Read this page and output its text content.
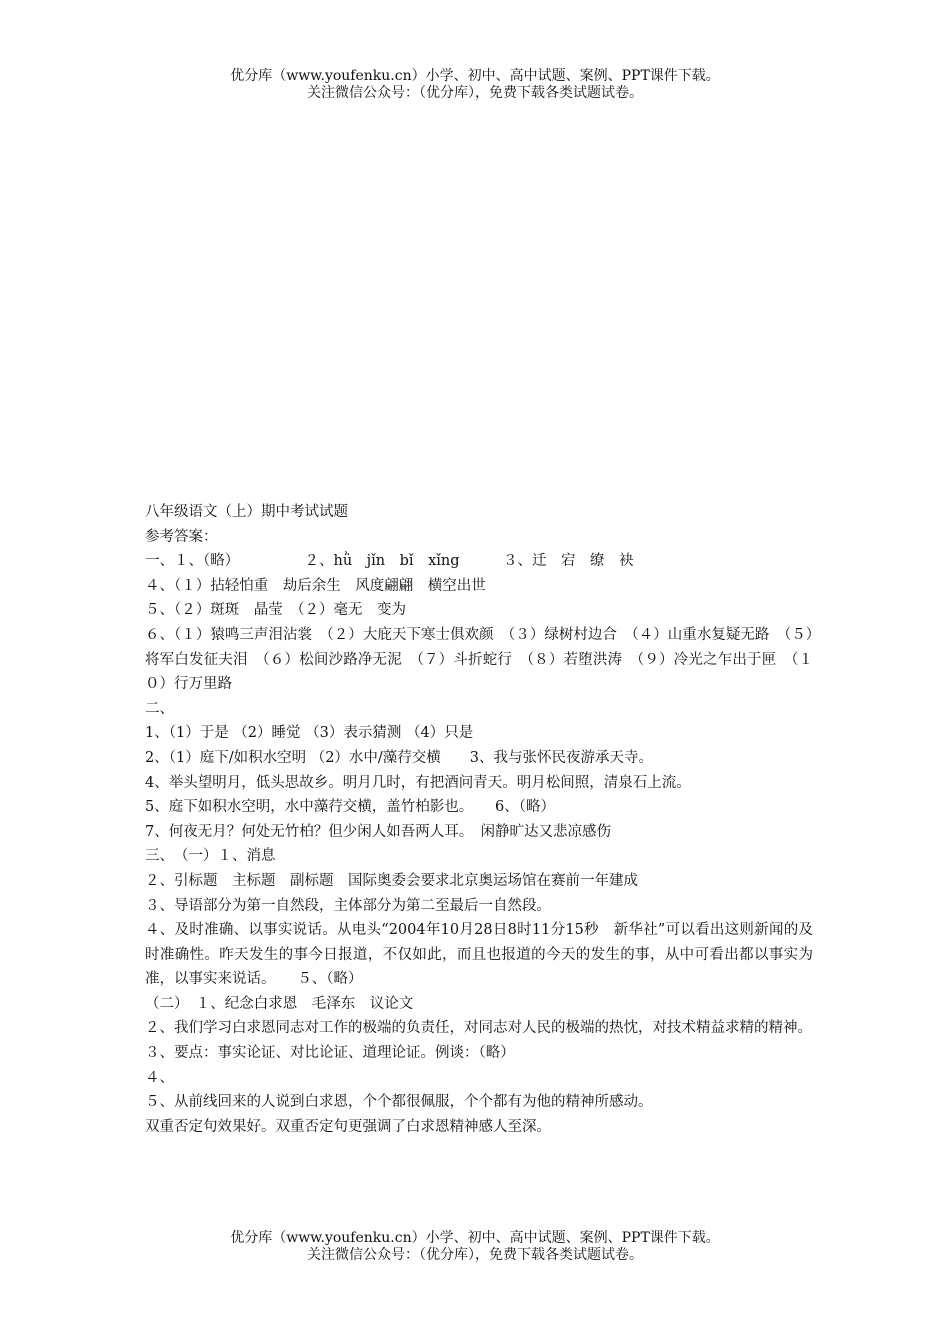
优分库（www.youfenku.cn）小学、初中、高中试题、案例、PPT课件下载。
关注微信公众号：（优分库），免费下载各类试题试卷。
八年级语文（上）期中考试试题
参考答案：
一、１、（略）　　　　　２、hǜ　jǐn　bǐ　xǐng　　　３、迁　宕　缭　袂
４、（１）拈轻怕重　劫后余生　风度翩翩　横空出世
５、（２）斑斑　晶莹　（２）毫无　变为
６、（１）猿鸣三声泪沾裳　（２）大庇天下寒士俱欢颜　（３）绿树村边合　（４）山重水复疑无路　（５）将军白发征夫泪　（６）松间沙路净无泥　（７）斗折蛇行　（８）若堕洪涛　（９）冷光之乍出于匣　（１０）行万里路
二、
1、（1）于是 （2）睡觉 （3）表示猜测 （4）只是
2、（1）庭下/如积水空明 （2）水中/藻荇交横　　3、我与张怀民夜游承天寺。
4、举头望明月，低头思故乡。明月几时，有把酒问青天。明月松间照，清泉石上流。
5、庭下如积水空明，水中藻荇交横，盖竹柏影也。　　6、（略）
7、何夜无月？何处无竹柏？但少闲人如吾两人耳。　闲静旷达又悲凉感伤
三、　（一）１、消息
２、引标题　主标题　副标题　国际奥委会要求北京奥运场馆在赛前一年建成
３、导语部分为第一自然段，主体部分为第二至最后一自然段。
４、及时准确、以事实说话。从电头“2004年10月28日8时11分15秒　新华社”可以看出这则新闻的及时准确性。昨天发生的事今日报道，不仅如此，而且也报道的今天的发生的事，从中可看出都以事实为准，以事实来说话。　　５、（略）
（二）　１、纪念白求恩　毛泽东　议论文
２、我们学习白求恩同志对工作的极端的负责任，对同志对人民的极端的热忱，对技术精益求精的精神。
３、要点：事实论证、对比论证、道理论证。例谈：（略）
４、
５、从前线回来的人说到白求恩，个个都很佩服，个个都有为他的精神所感动。
双重否定句效果好。双重否定句更强调了白求恩精神感人至深。
优分库（www.youfenku.cn）小学、初中、高中试题、案例、PPT课件下载。
关注微信公众号：（优分库），免费下载各类试题试卷。
